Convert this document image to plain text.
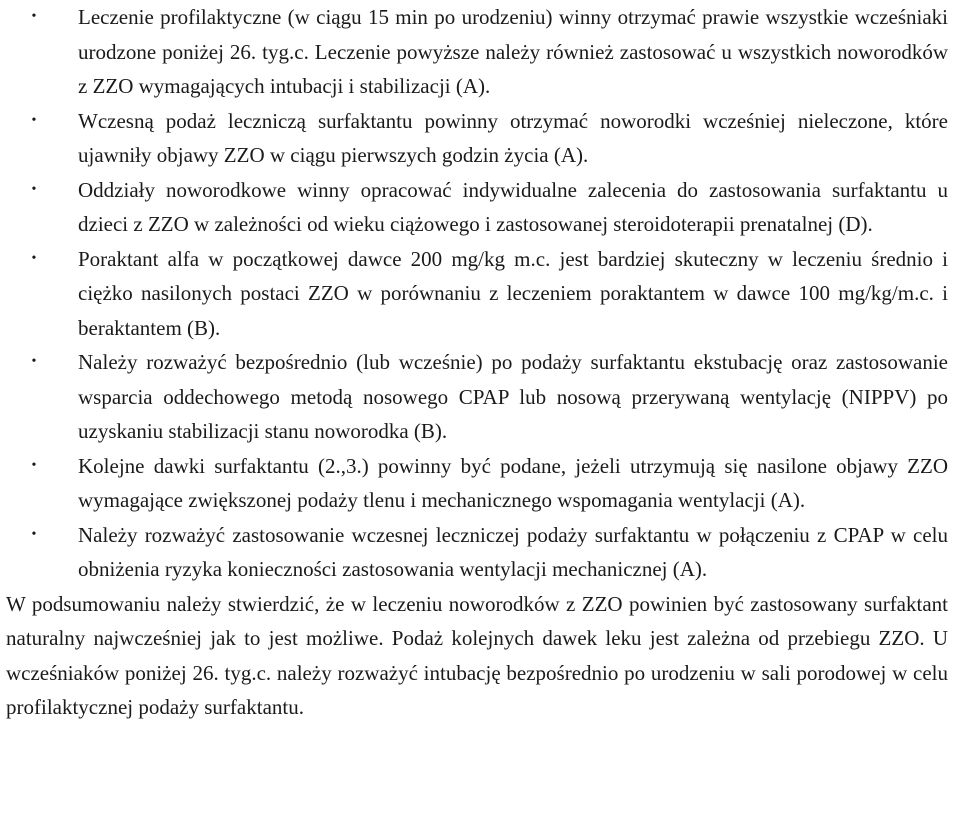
•	Leczenie profilaktyczne (w ciągu 15 min po urodzeniu) winny otrzymać prawie wszystkie wcześniaki urodzone poniżej 26. tyg.c. Leczenie powyższe należy również zastosować u wszystkich noworodków z ZZO wymagających intubacji i stabilizacji (A).
•	Wczesną podaż leczniczą surfaktantu powinny otrzymać noworodki wcześniej nieleczone, które ujawniły objawy ZZO w ciągu pierwszych godzin życia (A).
•	Oddziały noworodkowe winny opracować indywidualne zalecenia do zastosowania surfaktantu u dzieci z ZZO w zależności od wieku ciążowego i zastosowanej steroidoterapii prenatalnej (D).
•	Poraktant alfa w początkowej dawce 200 mg/kg m.c. jest bardziej skuteczny w leczeniu średnio i ciężko nasilonych postaci ZZO w porównaniu z leczeniem poraktantem w dawce 100 mg/kg/m.c. i beraktantem (B).
•	Należy rozważyć bezpośrednio (lub wcześnie) po podaży surfaktantu ekstubację oraz zastosowanie wsparcia oddechowego metodą nosowego CPAP lub nosową przerywaną wentylację (NIPPV) po uzyskaniu stabilizacji stanu noworodka (B).
•	Kolejne dawki surfaktantu (2.,3.) powinny być podane, jeżeli utrzymują się nasilone objawy ZZO wymagające zwiększonej podaży tlenu i mechanicznego wspomagania wentylacji (A).
•	Należy rozważyć zastosowanie wczesnej leczniczej podaży surfaktantu w połączeniu z CPAP w celu obniżenia ryzyka konieczności zastosowania wentylacji mechanicznej (A).

W podsumowaniu należy stwierdzić, że w leczeniu noworodków z ZZO powinien być zastosowany surfaktant naturalny najwcześniej jak to jest możliwe. Podaż kolejnych dawek leku jest zależna od przebiegu ZZO. U wcześniaków poniżej 26. tyg.c. należy rozważyć intubację bezpośrednio po urodzeniu w sali porodowej w celu profilaktycznej podaży surfaktantu.
